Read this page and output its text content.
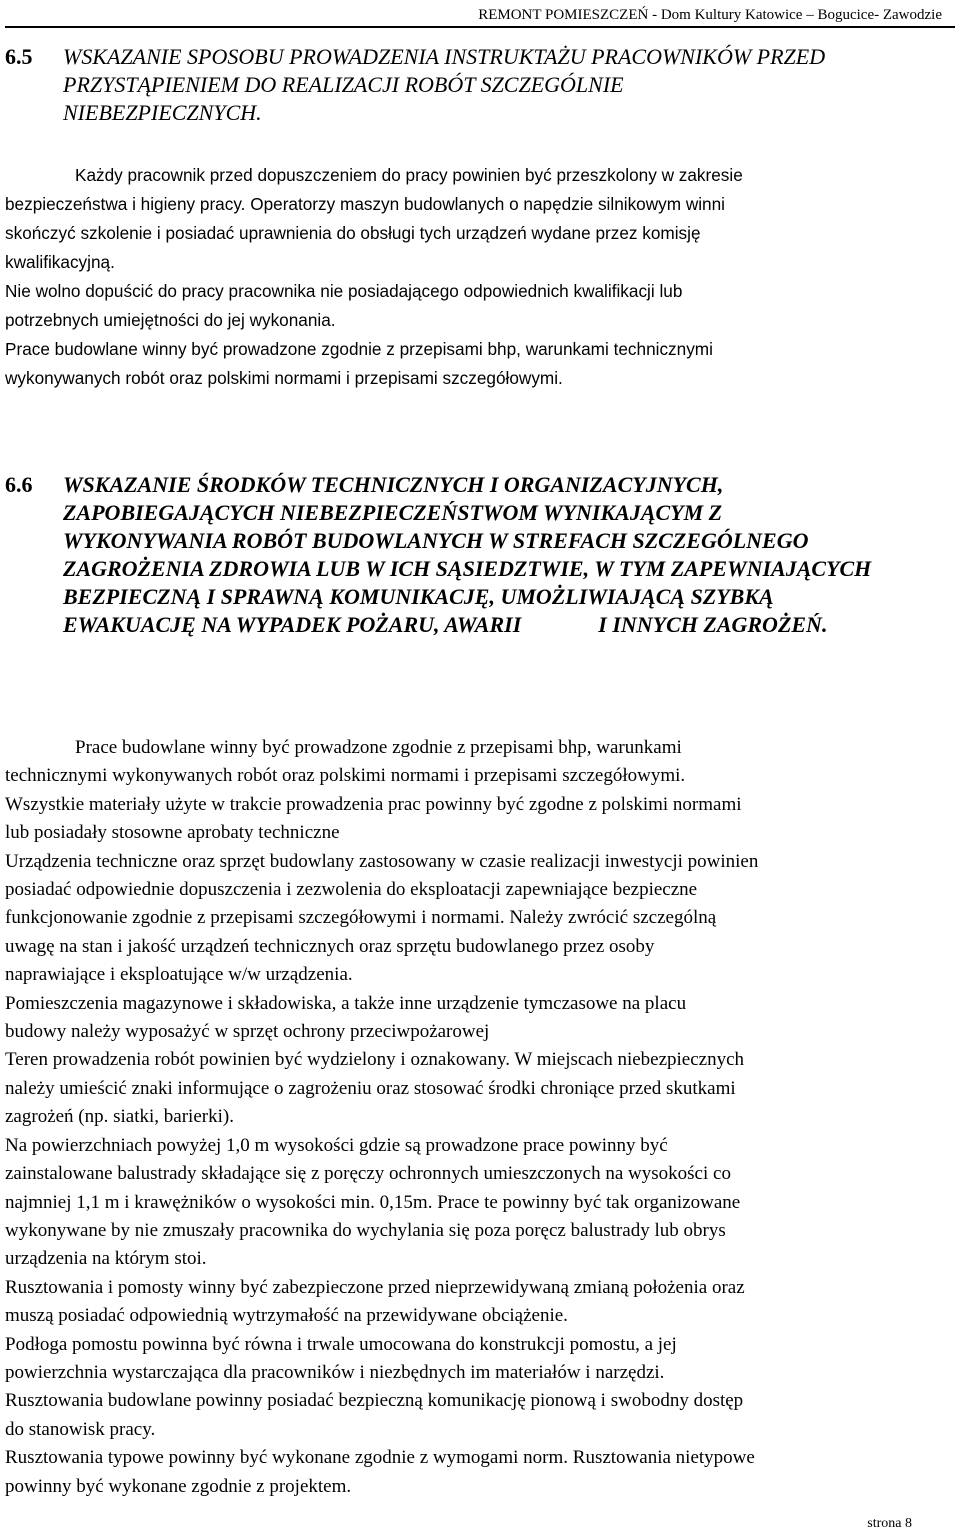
REMONT POMIESZCZEŃ - Dom Kultury Katowice – Bogucice- Zawodzie
6.5 WSKAZANIE SPOSOBU PROWADZENIA INSTRUKTAŻU PRACOWNIKÓW PRZED
PRZYSTĄPIENIEM DO REALIZACJI ROBÓT SZCZEGÓLNIE
NIEBEZPIECZNYCH.

Każdy pracownik przed dopuszczeniem do pracy powinien być przeszkolony w zakresie
bezpieczeństwa i higieny pracy. Operatorzy maszyn budowlanych o napędzie silnikowym winni
skończyć szkolenie i posiadać uprawnienia do obsługi tych urządzeń wydane przez komisję
kwalifikacyjną.
Nie wolno dopuścić do pracy pracownika nie posiadającego odpowiednich kwalifikacji lub
potrzebnych umiejętności do jej wykonania.
Prace budowlane winny być prowadzone zgodnie z przepisami bhp, warunkami technicznymi
wykonywanych robót oraz polskimi normami i przepisami szczegółowymi.

6.6 WSKAZANIE ŚRODKÓW TECHNICZNYCH I ORGANIZACYJNYCH,
ZAPOBIEGAJĄCYCH NIEBEZPIECZEŃSTWOM WYNIKAJĄCYM Z
WYKONYWANIA ROBÓT BUDOWLANYCH W STREFACH SZCZEGÓLNEGO
ZAGROŻENIA ZDROWIA LUB W ICH SĄSIEDZTWIE, W TYM ZAPEWNIAJĄCYCH
BEZPIECZNĄ I SPRAWNĄ KOMUNIKACJĘ, UMOŻLIWIAJĄCĄ SZYBKĄ
EWAKUACJĘ NA WYPADEK POŻARU, AWARII              I INNYCH ZAGROŻEŃ.

Prace budowlane winny być prowadzone zgodnie z przepisami bhp, warunkami
technicznymi wykonywanych robót oraz polskimi normami i przepisami szczegółowymi.
Wszystkie materiały użyte w trakcie prowadzenia prac powinny być zgodne z polskimi normami
lub posiadały stosowne aprobaty techniczne
Urządzenia techniczne oraz sprzęt budowlany zastosowany w czasie realizacji inwestycji powinien
posiadać odpowiednie dopuszczenia i zezwolenia do eksploatacji zapewniające bezpieczne
funkcjonowanie zgodnie z przepisami szczegółowymi i normami. Należy zwrócić szczególną
uwagę na stan i jakość urządzeń technicznych oraz sprzętu budowlanego przez osoby
naprawiające i eksploatujące w/w urządzenia.
Pomieszczenia magazynowe i składowiska, a także inne urządzenie tymczasowe na placu
budowy należy wyposażyć w sprzęt ochrony przeciwpożarowej
Teren prowadzenia robót powinien być wydzielony i oznakowany. W miejscach niebezpiecznych
należy umieścić znaki informujące o zagrożeniu oraz stosować środki chroniące przed skutkami
zagrożeń (np. siatki, barierki).
Na powierzchniach powyżej 1,0 m wysokości gdzie są prowadzone prace powinny być
zainstalowane balustrady składające się z poręczy ochronnych umieszczonych na wysokości co
najmniej 1,1 m i krawężników o wysokości min. 0,15m. Prace te powinny być tak organizowane
wykonywane by nie zmuszały pracownika do wychylania się poza poręcz balustrady lub obrys
urządzenia na którym stoi.
Rusztowania i pomosty winny być zabezpieczone przed nieprzewidywaną zmianą położenia oraz
muszą posiadać odpowiednią wytrzymałość na przewidywane obciążenie.
Podłoga pomostu powinna być równa i trwale umocowana do konstrukcji pomostu, a jej
powierzchnia wystarczająca dla pracowników i niezbędnych im materiałów i narzędzi.
Rusztowania budowlane powinny posiadać bezpieczną komunikację pionową i swobodny dostęp
do stanowisk pracy.
Rusztowania typowe powinny być wykonane zgodnie z wymogami norm. Rusztowania nietypowe
powinny być wykonane zgodnie z projektem.

strona 8
